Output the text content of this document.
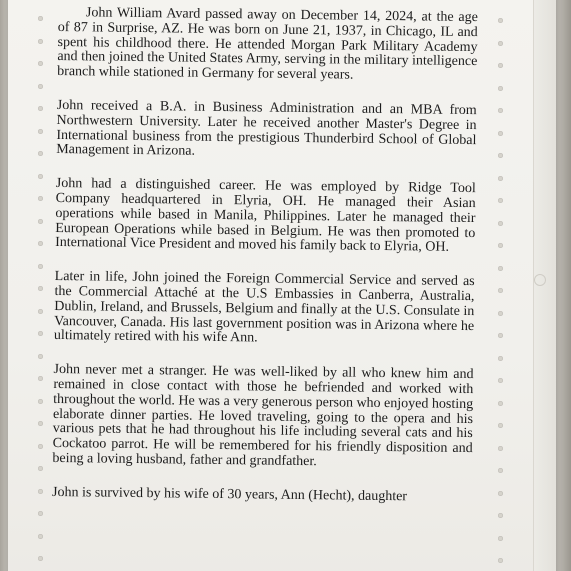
John William Avard passed away on December 14, 2024, at the age of 87 in Surprise, AZ. He was born on June 21, 1937, in Chicago, IL and spent his childhood there. He attended Morgan Park Military Academy and then joined the United States Army, serving in the military intelligence branch while stationed in Germany for several years.

John received a B.A. in Business Administration and an MBA from Northwestern University. Later he received another Master's Degree in International business from the prestigious Thunderbird School of Global Management in Arizona.

John had a distinguished career. He was employed by Ridge Tool Company headquartered in Elyria, OH. He managed their Asian operations while based in Manila, Philippines. Later he managed their European Operations while based in Belgium. He was then promoted to International Vice President and moved his family back to Elyria, OH.

Later in life, John joined the Foreign Commercial Service and served as the Commercial Attaché at the U.S Embassies in Canberra, Australia, Dublin, Ireland, and Brussels, Belgium and finally at the U.S. Consulate in Vancouver, Canada. His last government position was in Arizona where he ultimately retired with his wife Ann.

John never met a stranger. He was well-liked by all who knew him and remained in close contact with those he befriended and worked with throughout the world. He was a very generous person who enjoyed hosting elaborate dinner parties. He loved traveling, going to the opera and his various pets that he had throughout his life including several cats and his Cockatoo parrot. He will be remembered for his friendly disposition and being a loving husband, father and grandfather.

John is survived by his wife of 30 years, Ann (Hecht), daughter
